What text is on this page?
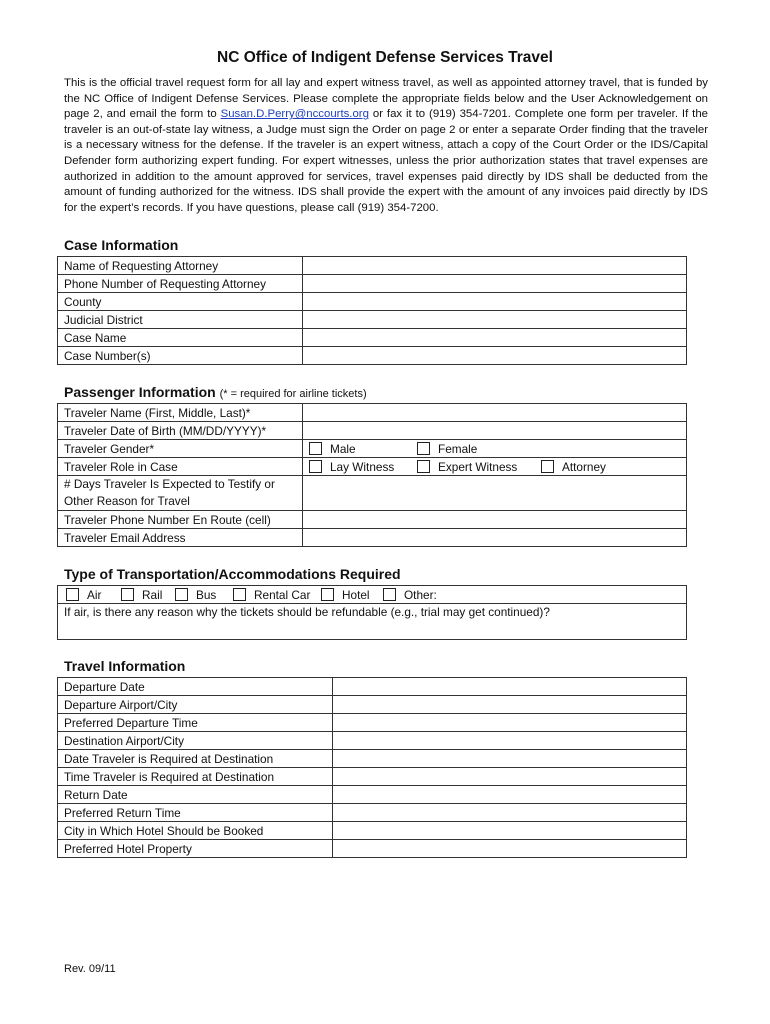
NC Office of Indigent Defense Services Travel
This is the official travel request form for all lay and expert witness travel, as well as appointed attorney travel, that is funded by the NC Office of Indigent Defense Services. Please complete the appropriate fields below and the User Acknowledgement on page 2, and email the form to Susan.D.Perry@nccourts.org or fax it to (919) 354-7201. Complete one form per traveler. If the traveler is an out-of-state lay witness, a Judge must sign the Order on page 2 or enter a separate Order finding that the traveler is a necessary witness for the defense. If the traveler is an expert witness, attach a copy of the Court Order or the IDS/Capital Defender form authorizing expert funding. For expert witnesses, unless the prior authorization states that travel expenses are authorized in addition to the amount approved for services, travel expenses paid directly by IDS shall be deducted from the amount of funding authorized for the witness. IDS shall provide the expert with the amount of any invoices paid directly by IDS for the expert’s records. If you have questions, please call (919) 354-7200.
Case Information
Name of Requesting Attorney	
Phone Number of Requesting Attorney	
County	
Judicial District	
Case Name	
Case Number(s)	
Passenger Information (* = required for airline tickets)
Traveler Name (First, Middle, Last)*	
Traveler Date of Birth (MM/DD/YYYY)*	
Traveler Gender*	Male Female
Traveler Role in Case	Lay Witness Expert Witness Attorney
# Days Traveler Is Expected to Testify or Other Reason for Travel	
Traveler Phone Number En Route (cell)	
Traveler Email Address	
Type of Transportation/Accommodations Required
Air	Rail	Bus	Rental Car	Hotel	Other:
If air, is there any reason why the tickets should be refundable (e.g., trial may get continued)?
Travel Information
Departure Date	
Departure Airport/City	
Preferred Departure Time	
Destination Airport/City	
Date Traveler is Required at Destination	
Time Traveler is Required at Destination	
Return Date	
Preferred Return Time	
City in Which Hotel Should be Booked	
Preferred Hotel Property	
Rev. 09/11
